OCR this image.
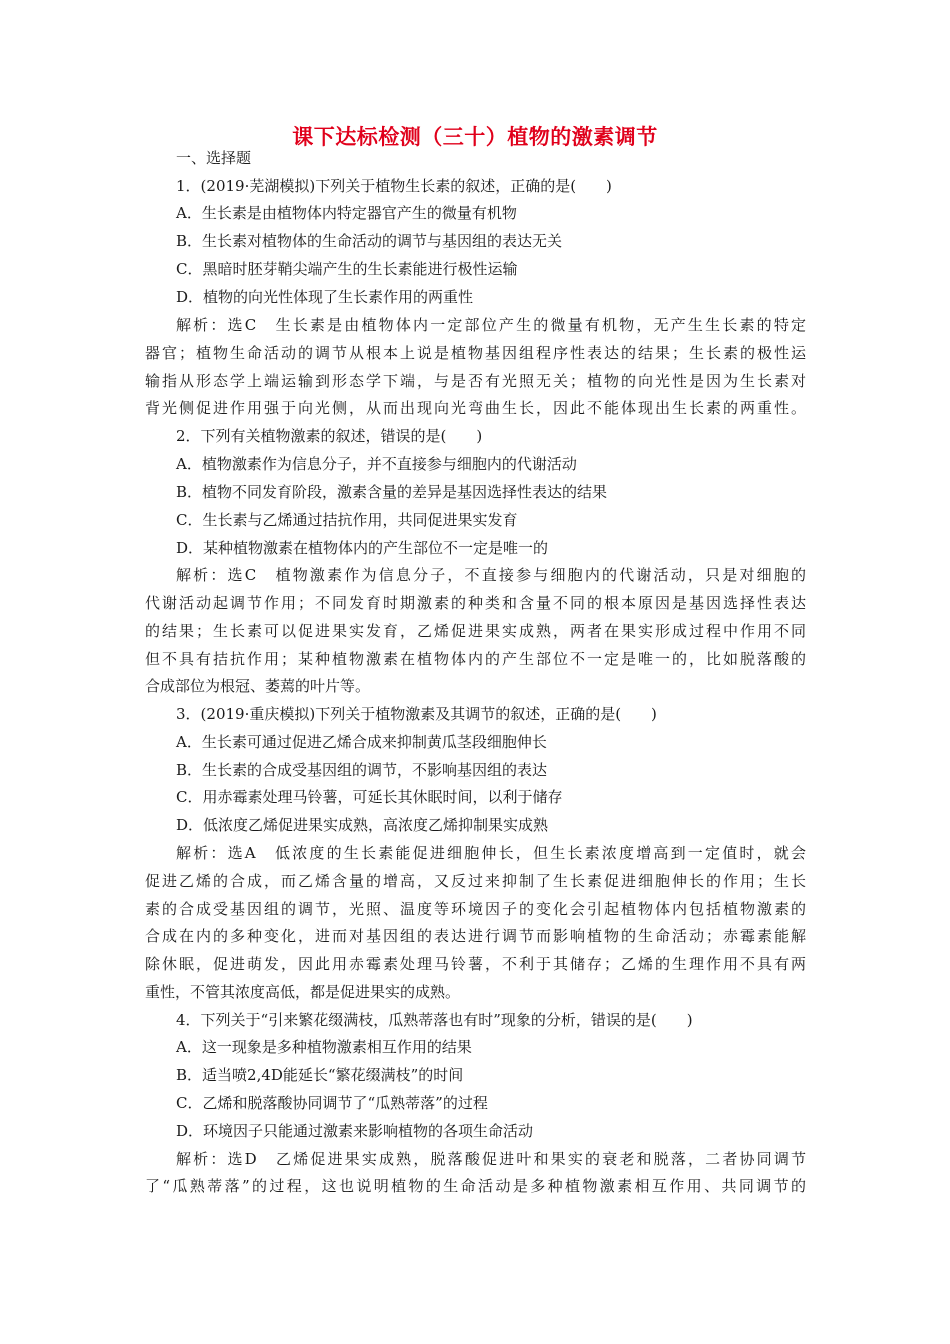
课下达标检测（三十）植物的激素调节
一、选择题
1．(2019·芜湖模拟)下列关于植物生长素的叙述，正确的是(　　)
A．生长素是由植物体内特定器官产生的微量有机物
B．生长素对植物体的生命活动的调节与基因组的表达无关
C．黑暗时胚芽鞘尖端产生的生长素能进行极性运输
D．植物的向光性体现了生长素作用的两重性
解析：选C　生长素是由植物体内一定部位产生的微量有机物，无产生生长素的特定
器官；植物生命活动的调节从根本上说是植物基因组程序性表达的结果；生长素的极性运
输指从形态学上端运输到形态学下端，与是否有光照无关；植物的向光性是因为生长素对
背光侧促进作用强于向光侧，从而出现向光弯曲生长，因此不能体现出生长素的两重性。
2．下列有关植物激素的叙述，错误的是(　　)
A．植物激素作为信息分子，并不直接参与细胞内的代谢活动
B．植物不同发育阶段，激素含量的差异是基因选择性表达的结果
C．生长素与乙烯通过拮抗作用，共同促进果实发育
D．某种植物激素在植物体内的产生部位不一定是唯一的
解析：选C　植物激素作为信息分子，不直接参与细胞内的代谢活动，只是对细胞的
代谢活动起调节作用；不同发育时期激素的种类和含量不同的根本原因是基因选择性表达
的结果；生长素可以促进果实发育，乙烯促进果实成熟，两者在果实形成过程中作用不同
但不具有拮抗作用；某种植物激素在植物体内的产生部位不一定是唯一的，比如脱落酸的
合成部位为根冠、萎蔫的叶片等。
3．(2019·重庆模拟)下列关于植物激素及其调节的叙述，正确的是(　　)
A．生长素可通过促进乙烯合成来抑制黄瓜茎段细胞伸长
B．生长素的合成受基因组的调节，不影响基因组的表达
C．用赤霉素处理马铃薯，可延长其休眠时间，以利于储存
D．低浓度乙烯促进果实成熟，高浓度乙烯抑制果实成熟
解析：选A　低浓度的生长素能促进细胞伸长，但生长素浓度增高到一定值时，就会
促进乙烯的合成，而乙烯含量的增高，又反过来抑制了生长素促进细胞伸长的作用；生长
素的合成受基因组的调节，光照、温度等环境因子的变化会引起植物体内包括植物激素的
合成在内的多种变化，进而对基因组的表达进行调节而影响植物的生命活动；赤霉素能解
除休眠，促进萌发，因此用赤霉素处理马铃薯，不利于其储存；乙烯的生理作用不具有两
重性，不管其浓度高低，都是促进果实的成熟。
4．下列关于“引来繁花缀满枝，瓜熟蒂落也有时”现象的分析，错误的是(　　)
A．这一现象是多种植物激素相互作用的结果
B．适当喷2,4D能延长“繁花缀满枝”的时间
C．乙烯和脱落酸协同调节了“瓜熟蒂落”的过程
D．环境因子只能通过激素来影响植物的各项生命活动
解析：选D　乙烯促进果实成熟，脱落酸促进叶和果实的衰老和脱落，二者协同调节
了“瓜熟蒂落”的过程，这也说明植物的生命活动是多种植物激素相互作用、共同调节的
